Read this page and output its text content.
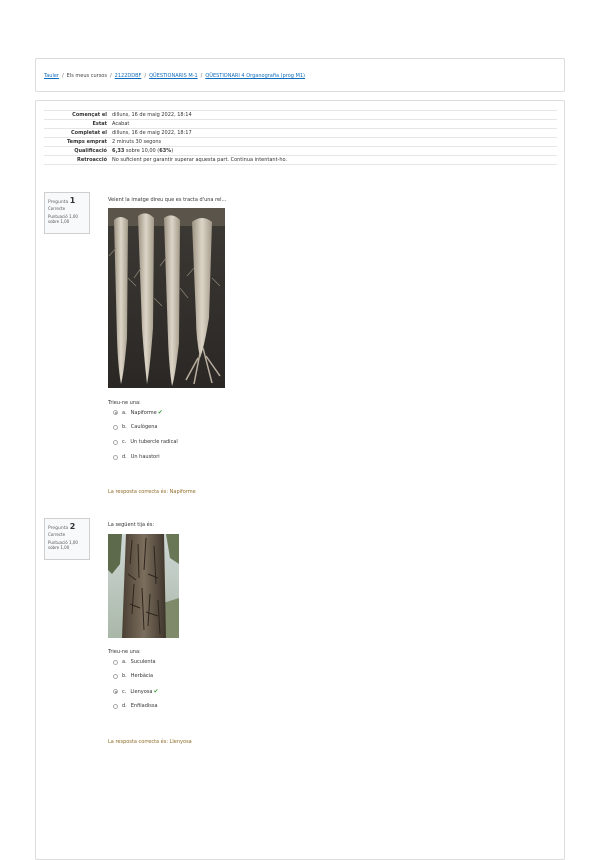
Tauler / Els meus cursos / 2122DDBF / QÜESTIONARIS M-1 / QÜESTIONARI 4 Organografia (prog M1)
Començat el	dilluns, 16 de maig 2022, 18:14
Estat	Acabat
Completat el	dilluns, 16 de maig 2022, 18:17
Temps emprat	2 minuts 30 segons
Qualificació	6,33 sobre 10,00 (63%)
Retroacció	No suficient per garantir superar aquesta part. Continua intentant-ho.
Pregunta 1
Correcte
Puntuació 1,00 sobre 1,00
Veient la imatge direu que es tracta d'una rel...
Trieu-ne una:
a. Napiforme ✔
b. Caulògena
c. Un tubercle radical
d. Un haustori
La resposta correcta és: Napiforme
Pregunta 2
Correcte
Puntuació 1,00 sobre 1,00
La següent tija és:
Trieu-ne una:
a. Suculenta
b. Herbàcia
c. Llenyosa ✔
d. Enfiladissa
La resposta correcta és: Llenyosa
